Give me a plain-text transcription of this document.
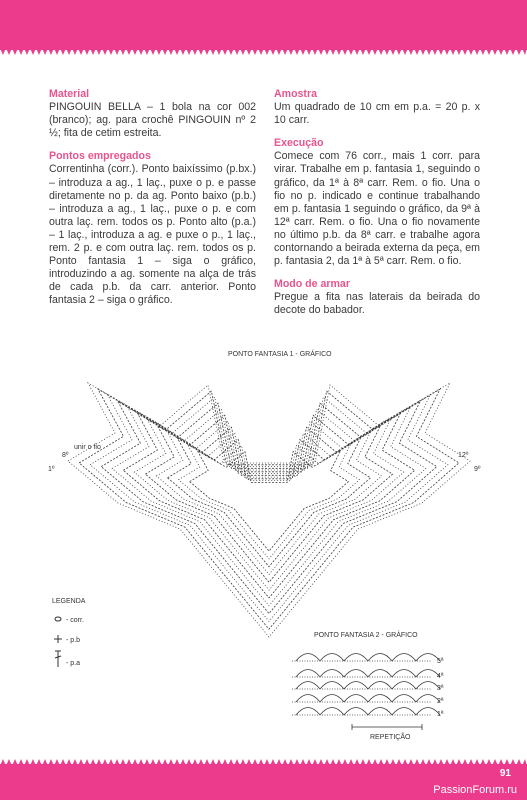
Material

PINGOUIN BELLA – 1 bola na cor 002 (branco); ag. para crochê PINGOUIN nº 2 ½; fita de cetim estreita.

Pontos empregados

Correntinha (corr.). Ponto baixíssimo (p.bx.) – introduza a ag., 1 laç., puxe o p. e passe diretamente no p. da ag. Ponto baixo (p.b.) – introduza a ag., 1 laç., puxe o p. e com outra laç. rem. todos os p. Ponto alto (p.a.) – 1 laç., introduza a ag. e puxe o p., 1 laç., rem. 2 p. e com outra laç. rem. todos os p. Ponto fantasia 1 – siga o gráfico, introduzindo a ag. somente na alça de trás de cada p.b. da carr. anterior. Ponto fantasia 2 – siga o gráfico.

Amostra

Um quadrado de 10 cm em p.a. = 20 p. x 10 carr.

Execução

Comece com 76 corr., mais 1 corr. para virar. Trabalhe em p. fantasia 1, seguindo o gráfico, da 1ª à 8ª carr. Rem. o fio. Una o fio no p. indicado e continue trabalhando em p. fantasia 1 seguindo o gráfico, da 9ª à 12ª carr. Rem. o fio. Una o fio novamente no último p.b. da 8ª carr. e trabalhe agora contornando a beirada externa da peça, em p. fantasia 2, da 1ª à 5ª carr. Rem. o fio.

Modo de armar

Pregue a fita nas laterais da beirada do decote do babador.

PONTO FANTASIA 1 - GRÁFICO
unir o fio
8º
1º
12º
9º
LEGENDA
- corr.
- p.b
- p.a
PONTO FANTASIA 2 - GRÁFICO
5ª
4ª
3ª
2ª
1ª
REPETIÇÃO
91
PassionForum.ru
